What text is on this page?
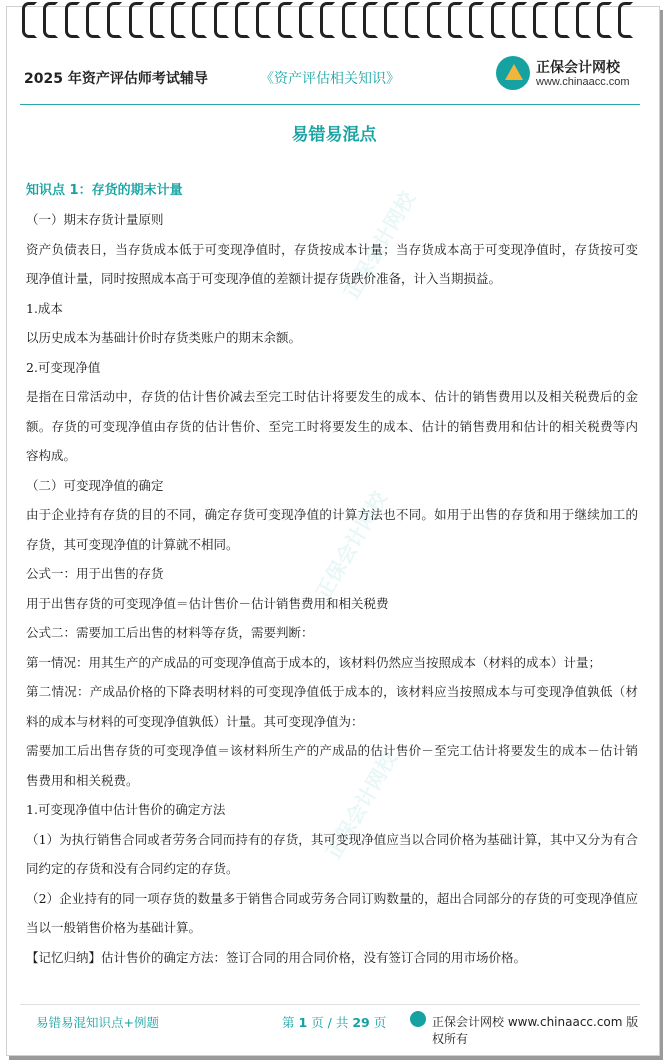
2025 年资产评估师考试辅导	《资产评估相关知识》
正保会计网校
www.chinaacc.com
易错易混点
知识点 1：存货的期末计量

（一）期末存货计量原则

资产负债表日，当存货成本低于可变现净值时，存货按成本计量；当存货成本高于可变现净值时，存货按可变现净值计量，同时按照成本高于可变现净值的差额计提存货跌价准备，计入当期损益。

1.成本

以历史成本为基础计价时存货类账户的期末余额。

2.可变现净值

是指在日常活动中，存货的估计售价减去至完工时估计将要发生的成本、估计的销售费用以及相关税费后的金额。存货的可变现净值由存货的估计售价、至完工时将要发生的成本、估计的销售费用和估计的相关税费等内容构成。

（二）可变现净值的确定

由于企业持有存货的目的不同，确定存货可变现净值的计算方法也不同。如用于出售的存货和用于继续加工的存货，其可变现净值的计算就不相同。

公式一：用于出售的存货

用于出售存货的可变现净值＝估计售价－估计销售费用和相关税费

公式二：需要加工后出售的材料等存货，需要判断：

第一情况：用其生产的产成品的可变现净值高于成本的，该材料仍然应当按照成本（材料的成本）计量；

第二情况：产成品价格的下降表明材料的可变现净值低于成本的，该材料应当按照成本与可变现净值孰低（材料的成本与材料的可变现净值孰低）计量。其可变现净值为：

需要加工后出售存货的可变现净值＝该材料所生产的产成品的估计售价－至完工估计将要发生的成本－估计销售费用和相关税费。

1.可变现净值中估计售价的确定方法

（1）为执行销售合同或者劳务合同而持有的存货，其可变现净值应当以合同价格为基础计算，其中又分为有合同约定的存货和没有合同约定的存货。

（2）企业持有的同一项存货的数量多于销售合同或劳务合同订购数量的，超出合同部分的存货的可变现净值应当以一般销售价格为基础计算。

【记忆归纳】估计售价的确定方法：签订合同的用合同价格，没有签订合同的用市场价格。

易错易混知识点+例题	第 1 页 / 共 29 页	正保会计网校 www.chinaacc.com 版权所有
